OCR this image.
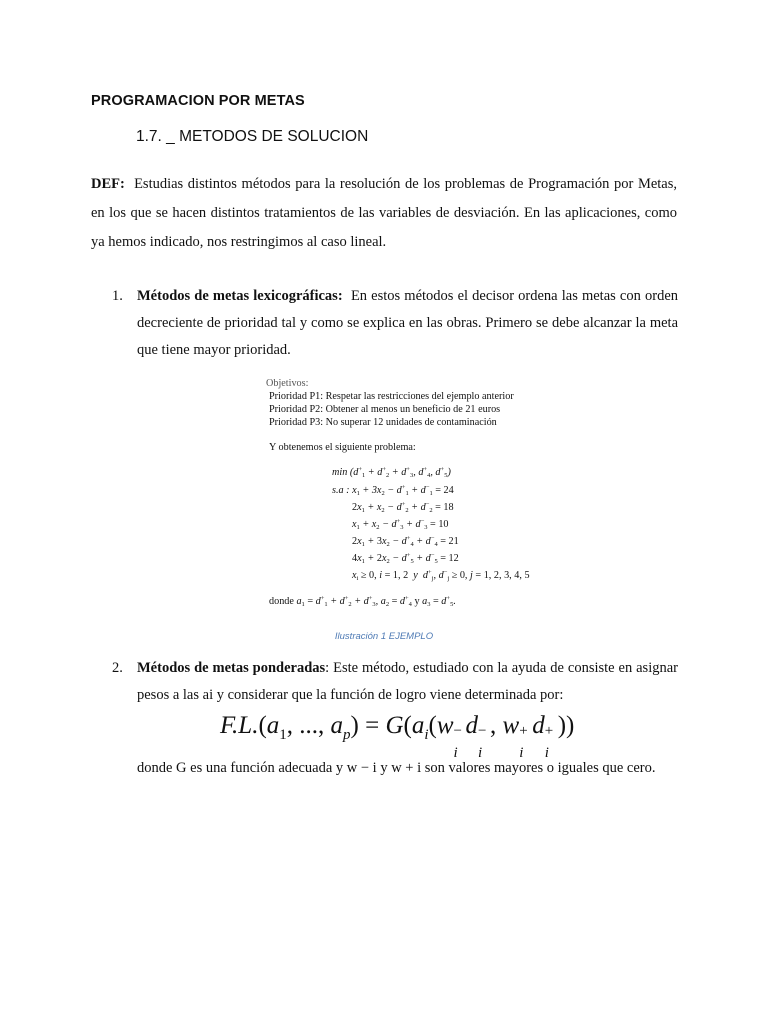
PROGRAMACION POR METAS
1.7. _ METODOS DE SOLUCION
DEF: Estudias distintos métodos para la resolución de los problemas de Programación por Metas, en los que se hacen distintos tratamientos de las variables de desviación. En las aplicaciones, como ya hemos indicado, nos restringimos al caso lineal.
1. Métodos de metas lexicográficas: En estos métodos el decisor ordena las metas con orden decreciente de prioridad tal y como se explica en las obras. Primero se debe alcanzar la meta que tiene mayor prioridad.
Objetivos:
Prioridad P1: Respetar las restricciones del ejemplo anterior
Prioridad P2: Obtener al menos un beneficio de 21 euros
Prioridad P3: No superar 12 unidades de contaminación
Y obtenemos el siguiente problema:
min (d+1 + d+2 + d+3, d+4, d+5)
s.a : x1 + 3x2 − d+1 + d−1 = 24
2x1 + x2 − d+2 + d−2 = 18
x1 + x2 − d+3 + d−3 = 10
2x1 + 3x2 − d+4 + d−4 = 21
4x1 + 2x2 − d+5 + d−5 = 12
xi ≥ 0, i = 1, 2  y  d+j, d−j ≥ 0, j = 1, 2, 3, 4, 5
donde a1 = d+1 + d+2 + d+3, a2 = d+4 y a3 = d+5.
Ilustración 1 EJEMPLO
2. Métodos de metas ponderadas: Este método, estudiado con la ayuda de consiste en asignar pesos a las ai y considerar que la función de logro viene determinada por:
$F.L.(a_1$, ..., $a_p) = G(a_i(w$ −
i
d −
i
, w +
i
d +
i
))
donde G es una función adecuada y w − i y w + i son valores mayores o iguales que cero.
